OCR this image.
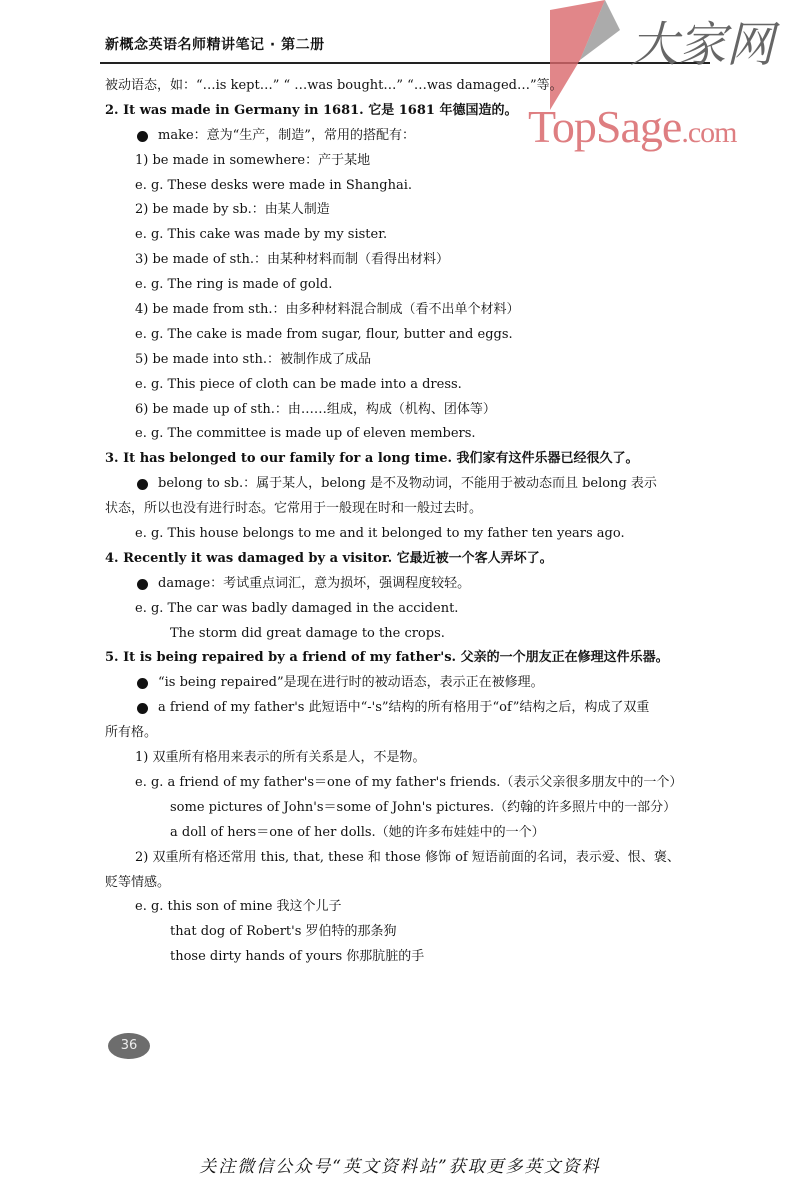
新概念英语名师精讲笔记 · 第二册	大家网
TopSage.com
被动语态，如：“…is kept…” “ …was bought…” “…was damaged…”等。
2. It was made in Germany in 1681. 它是 1681 年德国造的。
make：意为“生产，制造”，常用的搭配有：
1) be made in somewhere：产于某地
e. g. These desks were made in Shanghai.
2) be made by sb.：由某人制造
e. g. This cake was made by my sister.
3) be made of sth.：由某种材料而制（看得出材料）
e. g. The ring is made of gold.
4) be made from sth.：由多种材料混合制成（看不出单个材料）
e. g. The cake is made from sugar, flour, butter and eggs.
5) be made into sth.：被制作成了成品
e. g. This piece of cloth can be made into a dress.
6) be made up of sth.：由……组成，构成（机构、团体等）
e. g. The committee is made up of eleven members.
3. It has belonged to our family for a long time. 我们家有这件乐器已经很久了。
belong to sb.：属于某人，belong 是不及物动词，不能用于被动态而且 belong 表示
状态，所以也没有进行时态。它常用于一般现在时和一般过去时。
e. g. This house belongs to me and it belonged to my father ten years ago.
4. Recently it was damaged by a visitor. 它最近被一个客人弄坏了。
damage：考试重点词汇，意为损坏，强调程度较轻。
e. g. The car was badly damaged in the accident.
The storm did great damage to the crops.
5. It is being repaired by a friend of my father's. 父亲的一个朋友正在修理这件乐器。
“is being repaired”是现在进行时的被动语态，表示正在被修理。
a friend of my father's 此短语中“-'s”结构的所有格用于“of”结构之后，构成了双重
所有格。
1) 双重所有格用来表示的所有关系是人，不是物。
e. g. a friend of my father's＝one of my father's friends.（表示父亲很多朋友中的一个）
some pictures of John's＝some of John's pictures.（约翰的许多照片中的一部分）
a doll of hers＝one of her dolls.（她的许多布娃娃中的一个）
2) 双重所有格还常用 this, that, these 和 those 修饰 of 短语前面的名词，表示爱、恨、褒、
贬等情感。
e. g. this son of mine 我这个儿子
that dog of Robert's 罗伯特的那条狗
those dirty hands of yours 你那肮脏的手
36
关注微信公众号“英文资料站”获取更多英文资料
